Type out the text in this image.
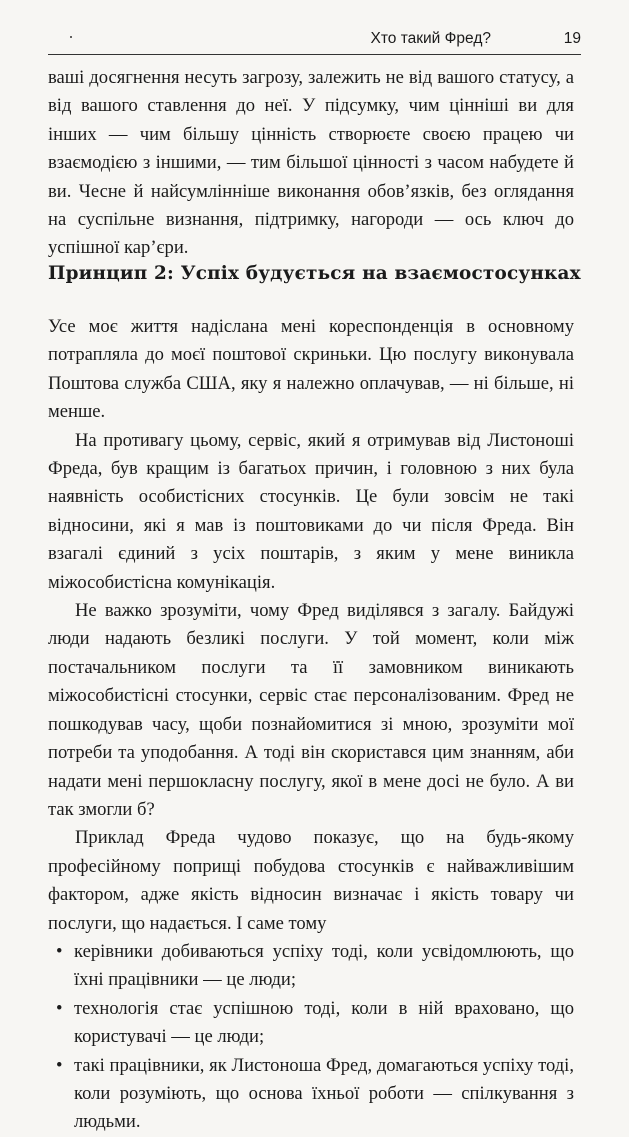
Хто такий Фред?	19

ваші досягнення несуть загрозу, залежить не від вашого статусу, а від вашого ставлення до неї. У підсумку, чим цінніші ви для інших — чим більшу цінність створюєте своєю працею чи взаємодією з іншими, — тим більшої цінності з часом набудете й ви. Чесне й найсумлінніше виконання обов’язків, без оглядання на суспільне визнання, підтримку, нагороди — ось ключ до успішної кар’єри.

Принцип 2: Успіх будується на взаємостосунках

Усе моє життя надіслана мені кореспонденція в основному потрапляла до моєї поштової скриньки. Цю послугу виконувала Поштова служба США, яку я належно оплачував, — ні більше, ні менше.

На противагу цьому, сервіс, який я отримував від Листоноші Фреда, був кращим із багатьох причин, і головною з них була наявність особистісних стосунків. Це були зовсім не такі відносини, які я мав із поштовиками до чи після Фреда. Він взагалі єдиний з усіх поштарів, з яким у мене виникла міжособистісна комунікація.

Не важко зрозуміти, чому Фред виділявся з загалу. Байдужі люди надають безликі послуги. У той момент, коли між постачальником послуги та її замовником виникають міжособистісні стосунки, сервіс стає персоналізованим. Фред не пошкодував часу, щоби познайомитися зі мною, зрозуміти мої потреби та уподобання. А тоді він скористався цим знанням, аби надати мені першокласну послугу, якої в мене досі не було. А ви так змогли б?

Приклад Фреда чудово показує, що на будь-якому професійному поприщі побудова стосунків є найважливішим фактором, адже якість відносин визначає і якість товару чи послуги, що надається. І саме тому

• керівники добиваються успіху тоді, коли усвідомлюють, що їхні працівники — це люди;
• технологія стає успішною тоді, коли в ній враховано, що користувачі — це люди;
• такі працівники, як Листоноша Фред, домагаються успіху тоді, коли розуміють, що основа їхньої роботи — спілкування з людьми.
